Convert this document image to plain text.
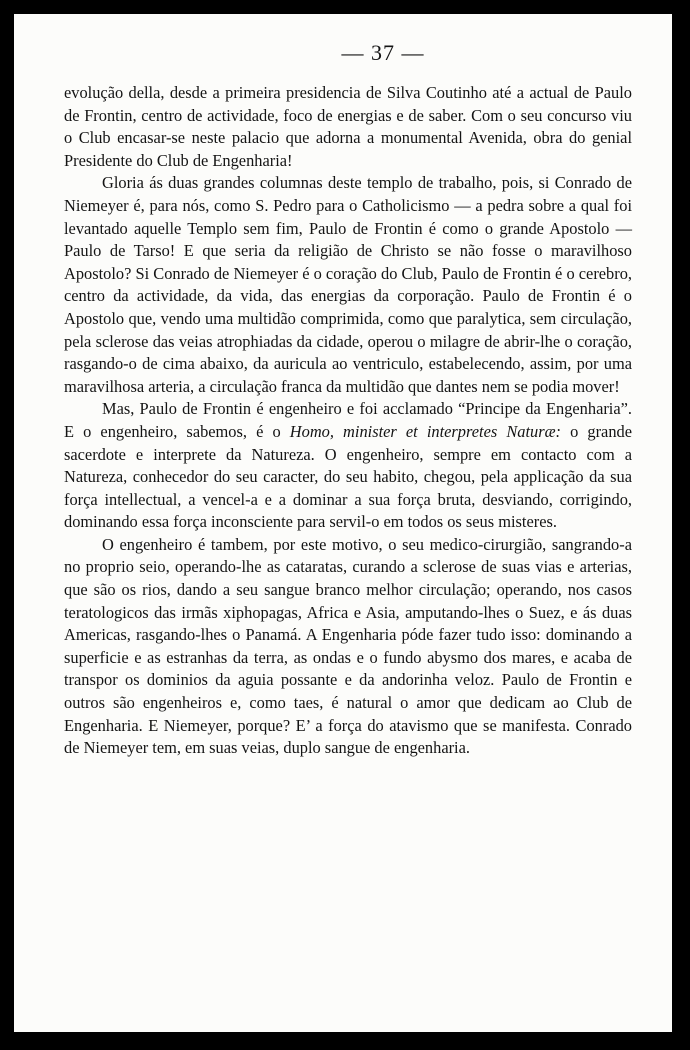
— 37 —

evolução della, desde a primeira presidencia de Silva Coutinho até a actual de Paulo de Frontin, centro de actividade, foco de energias e de saber. Com o seu concurso viu o Club encasar-se neste palacio que adorna a monumental Avenida, obra do genial Presidente do Club de Engenharia!

Gloria ás duas grandes columnas deste templo de trabalho, pois, si Conrado de Niemeyer é, para nós, como S. Pedro para o Catholicismo — a pedra sobre a qual foi levantado aquelle Templo sem fim, Paulo de Frontin é como o grande Apostolo — Paulo de Tarso! E que seria da religião de Christo se não fosse o maravilhoso Apostolo? Si Conrado de Niemeyer é o coração do Club, Paulo de Frontin é o cerebro, centro da actividade, da vida, das energias da corporação. Paulo de Frontin é o Apostolo que, vendo uma multidão comprimida, como que paralytica, sem circulação, pela sclerose das veias atrophiadas da cidade, operou o milagre de abrir-lhe o coração, rasgando-o de cima abaixo, da auricula ao ventriculo, estabelecendo, assim, por uma maravilhosa arteria, a circulação franca da multidão que dantes nem se podia mover!

Mas, Paulo de Frontin é engenheiro e foi acclamado “Principe da Engenharia”. E o engenheiro, sabemos, é o Homo, minister et interpretes Naturæ: o grande sacerdote e interprete da Natureza. O engenheiro, sempre em contacto com a Natureza, conhecedor do seu caracter, do seu habito, chegou, pela applicação da sua força intellectual, a vencel-a e a dominar a sua força bruta, desviando, corrigindo, dominando essa força inconsciente para servil-o em todos os seus misteres.

O engenheiro é tambem, por este motivo, o seu medico-cirurgião, sangrando-a no proprio seio, operando-lhe as cataratas, curando a sclerose de suas vias e arterias, que são os rios, dando a seu sangue branco melhor circulação; operando, nos casos teratologicos das irmãs xiphopagas, Africa e Asia, amputando-lhes o Suez, e ás duas Americas, rasgando-lhes o Panamá. A Engenharia póde fazer tudo isso: dominando a superficie e as estranhas da terra, as ondas e o fundo abysmo dos mares, e acaba de transpor os dominios da aguia possante e da andorinha veloz. Paulo de Frontin e outros são engenheiros e, como taes, é natural o amor que dedicam ao Club de Engenharia. E Niemeyer, porque? E’ a força do atavismo que se manifesta. Conrado de Niemeyer tem, em suas veias, duplo sangue de engenharia.
